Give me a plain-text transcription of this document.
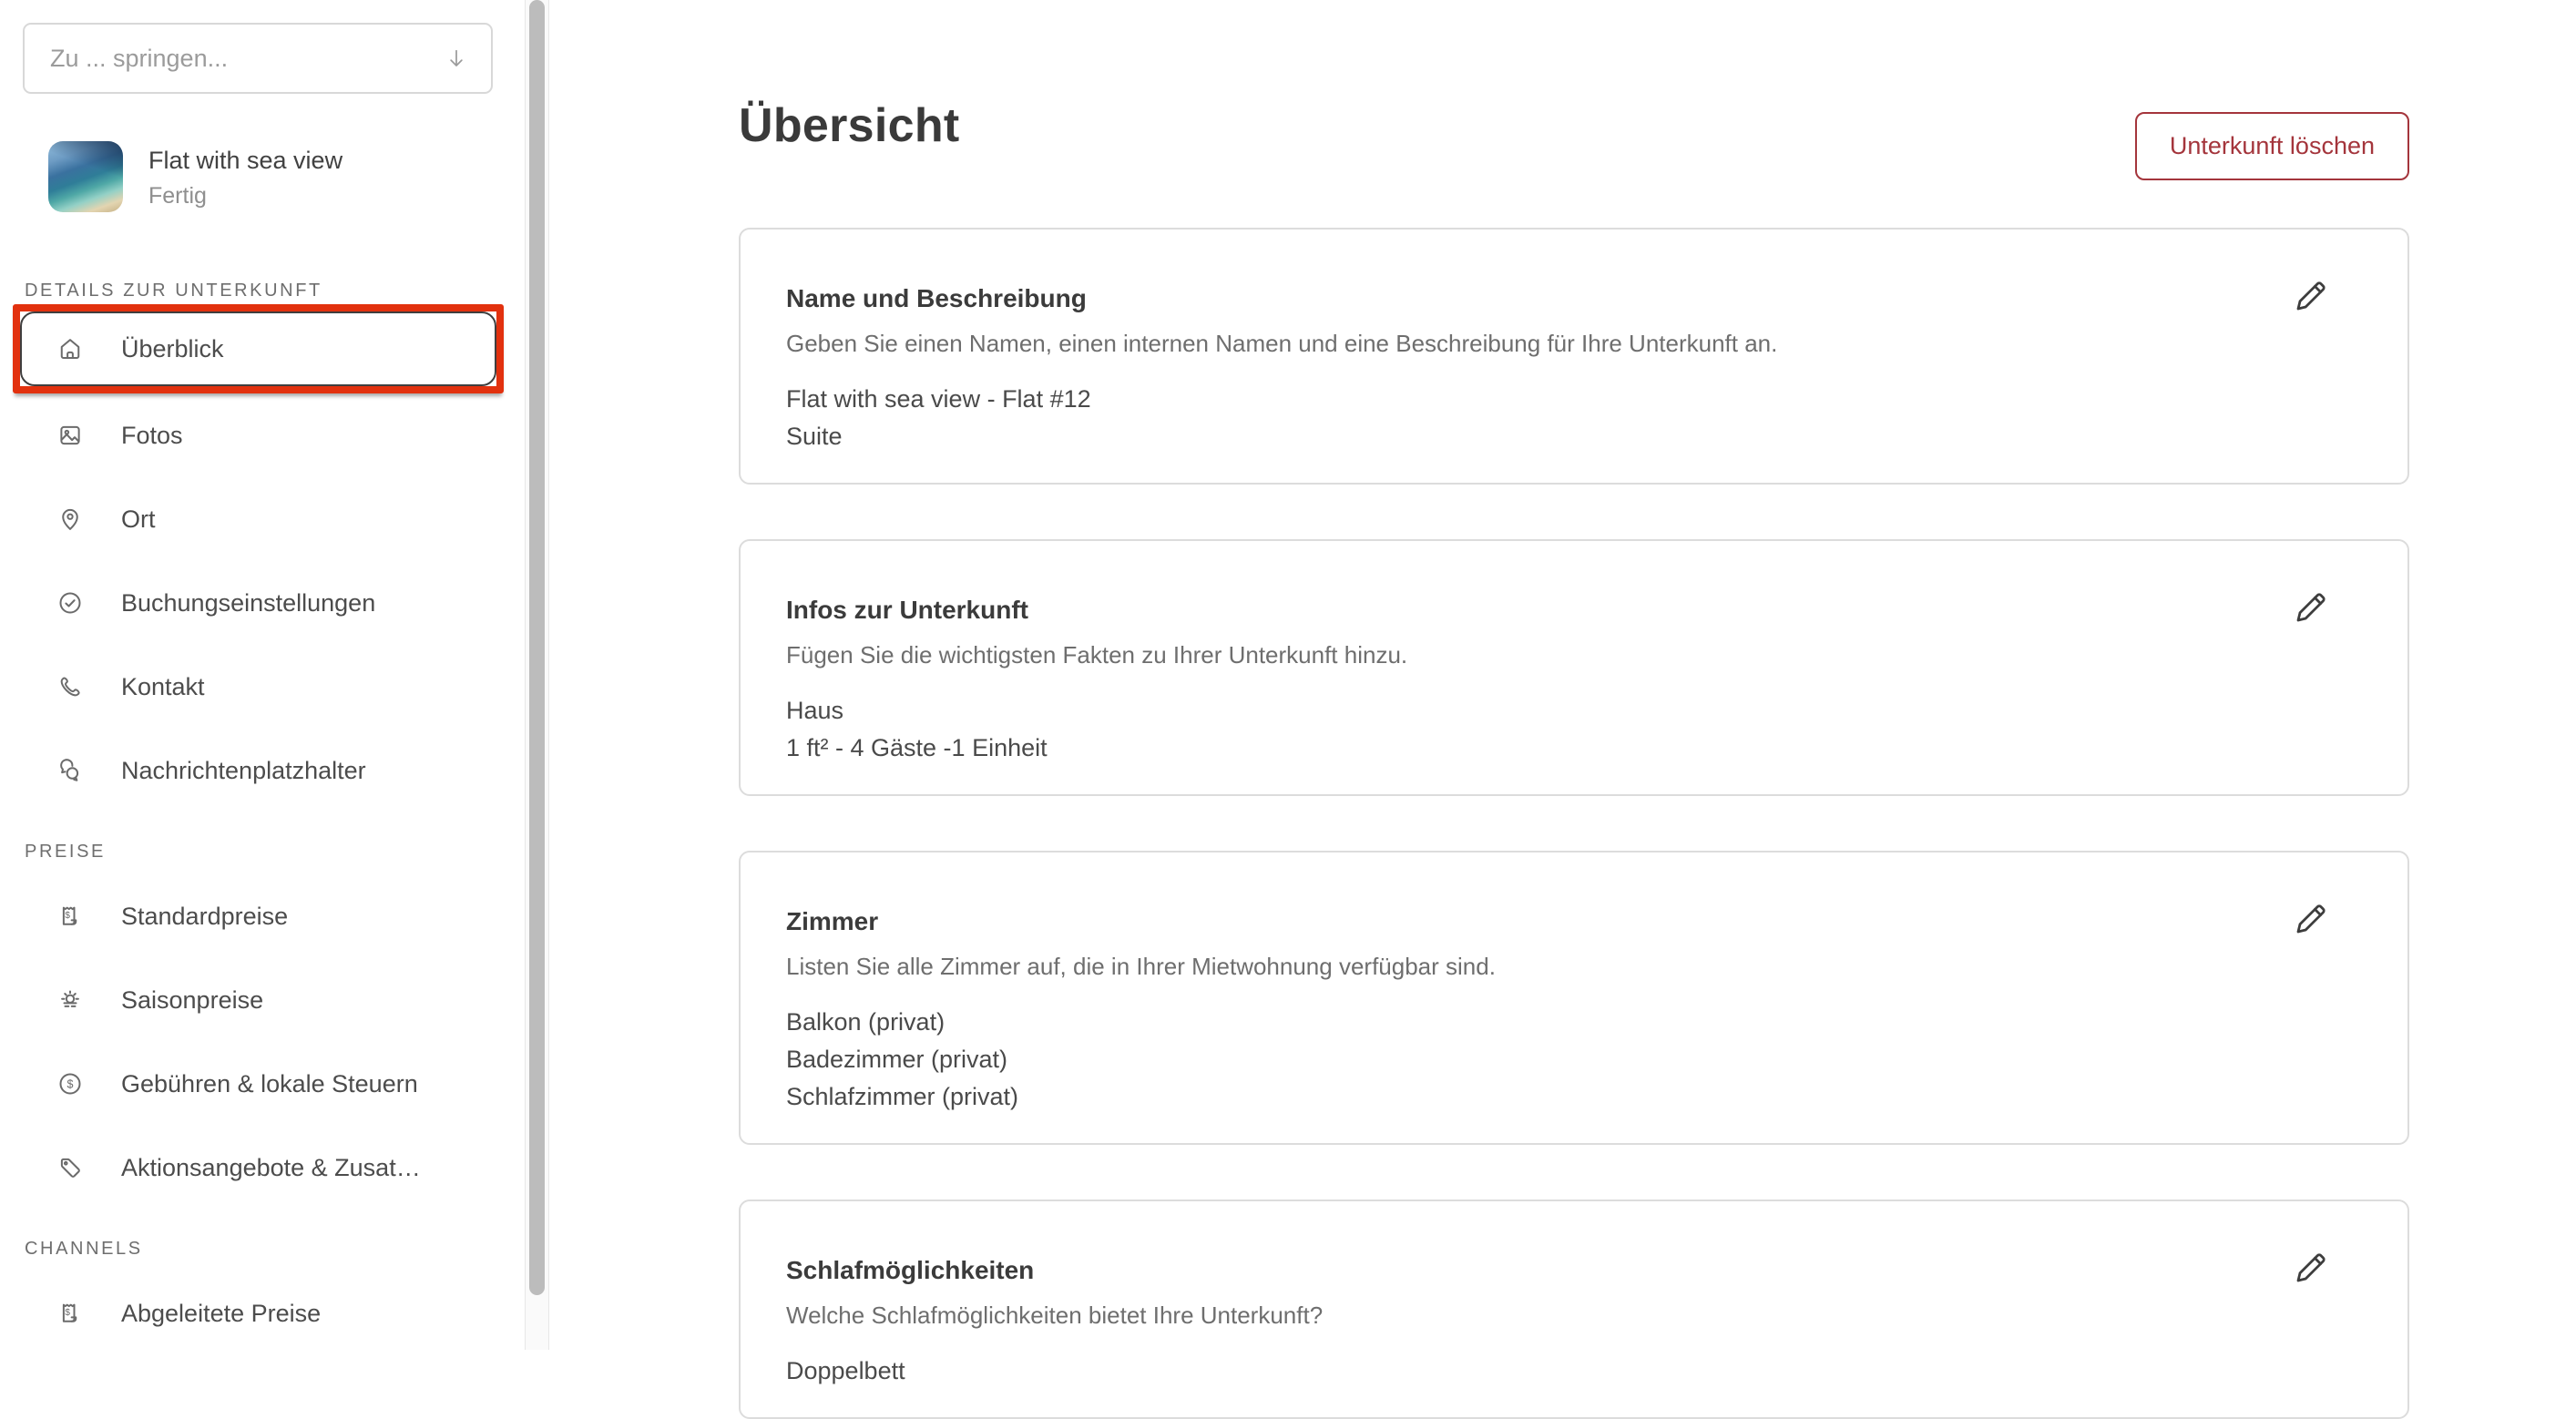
Zu ... springen...
Flat with sea view
Fertig
DETAILS ZUR UNTERKUNFT
Überblick
Fotos
Ort
Buchungseinstellungen
Kontakt
Nachrichtenplatzhalter
PREISE
$ Standardpreise
Saisonpreise
$ Gebühren & lokale Steuern
Aktionsangebote & Zusat…
CHANNELS
$ Abgeleitete Preise
Übersicht	Unterkunft löschen
Name und Beschreibung

Geben Sie einen Namen, einen internen Namen und eine Beschreibung für Ihre Unterkunft an.

Flat with sea view - Flat #12
Suite
Infos zur Unterkunft

Fügen Sie die wichtigsten Fakten zu Ihrer Unterkunft hinzu.

Haus
1 ft² - 4 Gäste -1 Einheit
Zimmer

Listen Sie alle Zimmer auf, die in Ihrer Mietwohnung verfügbar sind.

Balkon (privat)
Badezimmer (privat)
Schlafzimmer (privat)
Schlafmöglichkeiten

Welche Schlafmöglichkeiten bietet Ihre Unterkunft?

Doppelbett
